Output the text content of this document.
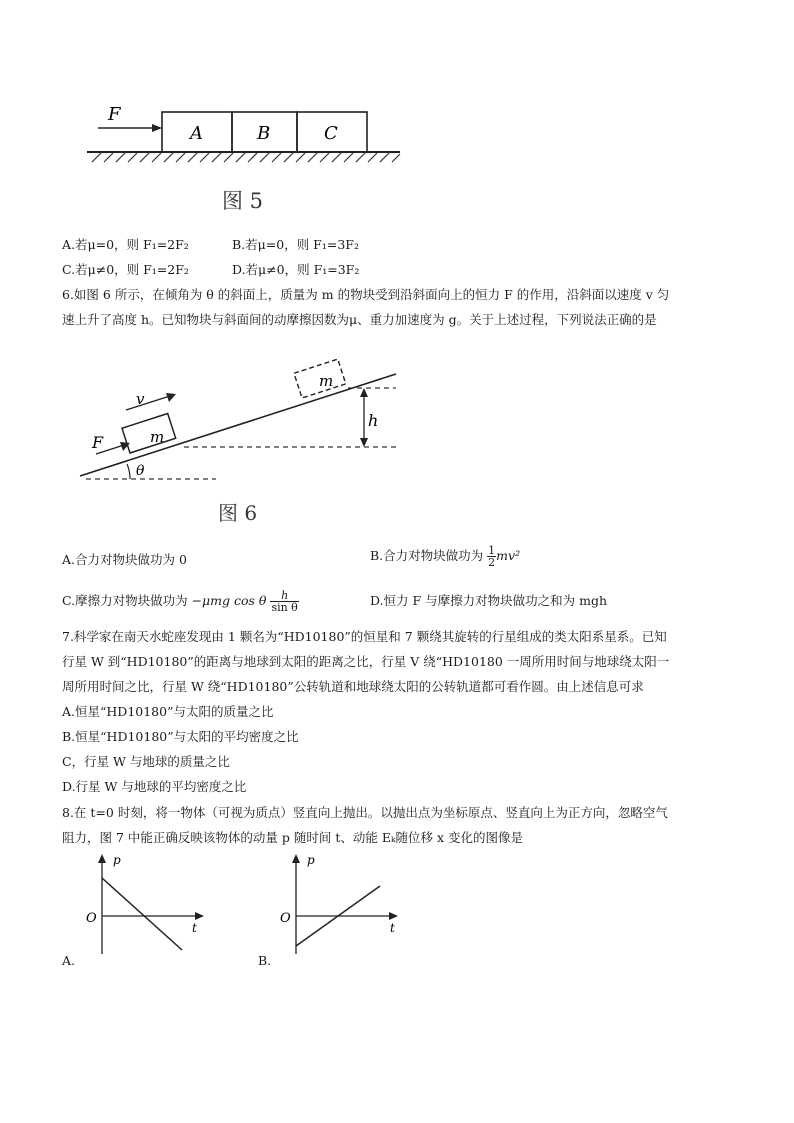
A	B	C
F
图 5
A.若μ=0，则 F₁=2F₂	B.若μ=0，则 F₁=3F₂
C.若μ≠0，则 F₁=2F₂	D.若μ≠0，则 F₁=3F₂
6.如图 6 所示，在倾角为 θ 的斜面上，质量为 m 的物块受到沿斜面向上的恒力 F 的作用，沿斜面以速度 v 匀
速上升了高度 h。已知物块与斜面间的动摩擦因数为μ、重力加速度为 g。关于上述过程，下列说法正确的是
h
m
m
F
v
θ
图 6
A.合力对物块做功为 0	B.合力对物块做功为 $\frac{1}{2} mv^2$
C.摩擦力对物块做功为 −μmg cos θ $\frac{h}{\text{sin θ}}$	D.恒力 F 与摩擦力对物块做功之和为 mgh
7.科学家在南天水蛇座发现由 1 颗名为“HD10180”的恒星和 7 颗绕其旋转的行星组成的类太阳系星系。已知
行星 W 到“HD10180”的距离与地球到太阳的距离之比，行星 V 绕“HD10180 一周所用时间与地球绕太阳一
周所用时间之比，行星 W 绕“HD10180”公转轨道和地球绕太阳的公转轨道都可看作圆。由上述信息可求
A.恒星“HD10180”与太阳的质量之比
B.恒星“HD10180”与太阳的平均密度之比
C，行星 W 与地球的质量之比
D.行星 W 与地球的平均密度之比
8.在 t=0 时刻，将一物体（可视为质点）竖直向上抛出。以抛出点为坐标原点、竖直向上为正方向，忽略空气
阻力，图 7 中能正确反映该物体的动量 p 随时间 t、动能 Eₖ随位移 x 变化的图像是
p
t
O
A.
p
t
O
B.
